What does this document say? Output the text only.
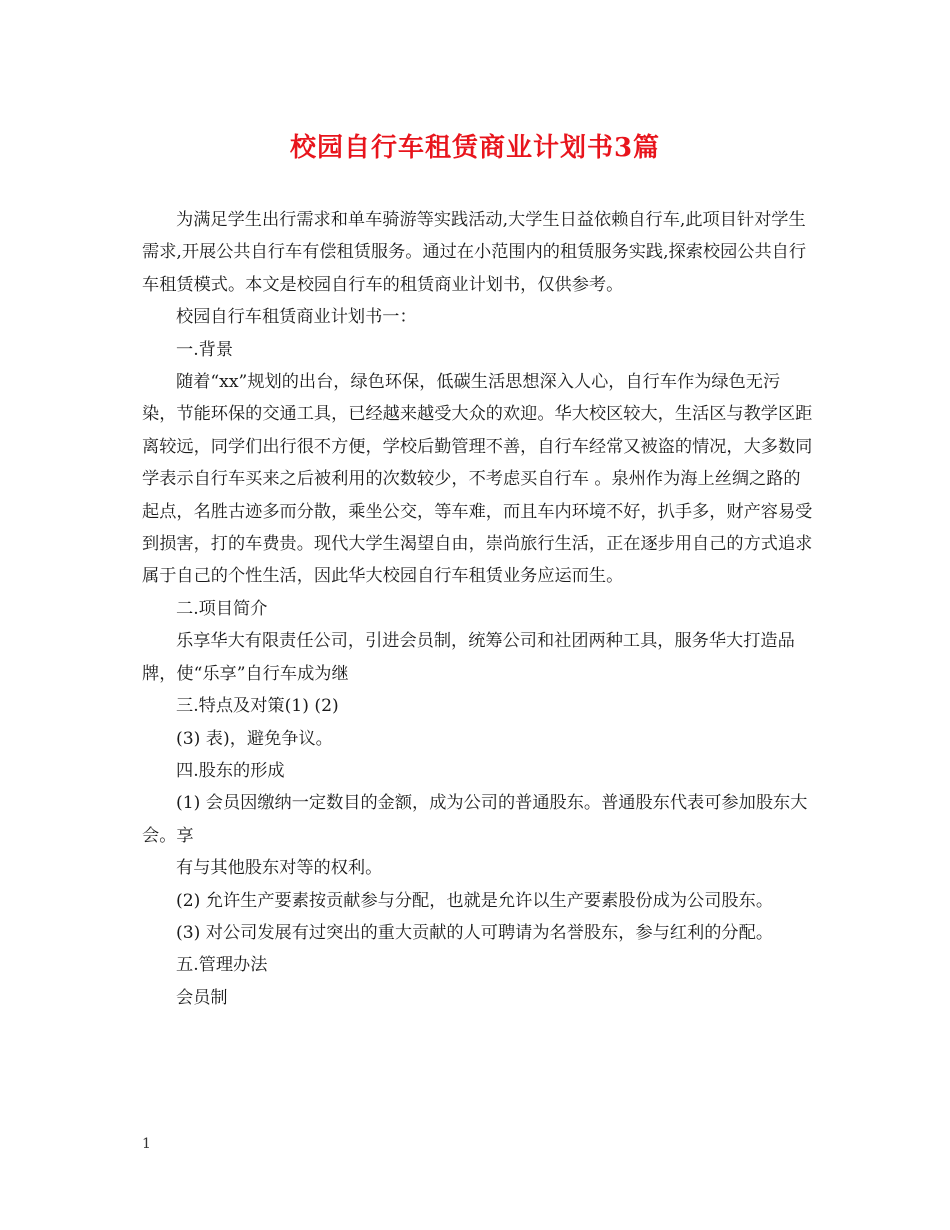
校园自行车租赁商业计划书3篇

为满足学生出行需求和单车骑游等实践活动,大学生日益依赖自行车,此项目针对学生需求,开展公共自行车有偿租赁服务。通过在小范围内的租赁服务实践,探索校园公共自行车租赁模式。本文是校园自行车的租赁商业计划书，仅供参考。

校园自行车租赁商业计划书一：

一.背景

随着“xx”规划的出台，绿色环保，低碳生活思想深入人心，自行车作为绿色无污染，节能环保的交通工具，已经越来越受大众的欢迎。华大校区较大，生活区与教学区距离较远，同学们出行很不方便，学校后勤管理不善，自行车经常又被盗的情况，大多数同学表示自行车买来之后被利用的次数较少，不考虑买自行车 。泉州作为海上丝绸之路的起点，名胜古迹多而分散，乘坐公交，等车难，而且车内环境不好，扒手多，财产容易受到损害，打的车费贵。现代大学生渴望自由，崇尚旅行生活，正在逐步用自己的方式追求属于自己的个性生活，因此华大校园自行车租赁业务应运而生。

二.项目简介

乐享华大有限责任公司，引进会员制，统筹公司和社团两种工具，服务华大打造品牌，使“乐享”自行车成为继

三.特点及对策(1) (2)

(3) 表)，避免争议。

四.股东的形成

(1) 会员因缴纳一定数目的金额，成为公司的普通股东。普通股东代表可参加股东大会。享

有与其他股东对等的权利。

(2) 允许生产要素按贡献参与分配，也就是允许以生产要素股份成为公司股东。

(3) 对公司发展有过突出的重大贡献的人可聘请为名誉股东，参与红利的分配。

五.管理办法

会员制

1
